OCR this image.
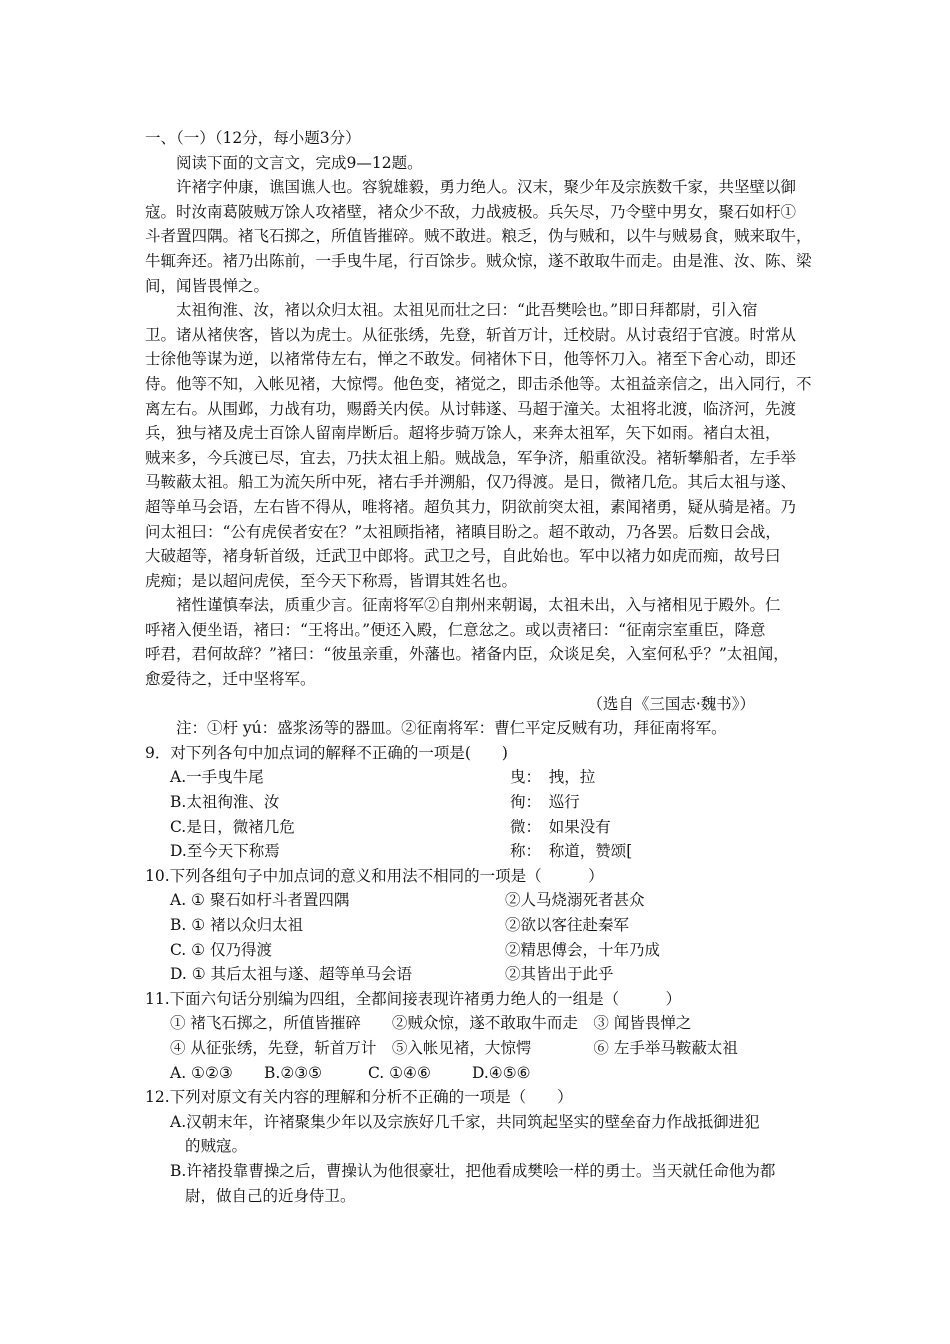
一、（一）（12分，每小题3分）
阅读下面的文言文，完成9—12题。
许褚字仲康，谯国谯人也。容貌雄毅，勇力绝人。汉末，聚少年及宗族数千家，共坚壁以御
寇。时汝南葛陂贼万馀人攻褚壁，褚众少不敌，力战疲极。兵矢尽，乃令壁中男女，聚石如杅①
斗者置四隅。褚飞石掷之，所值皆摧碎。贼不敢进。粮乏，伪与贼和，以牛与贼易食，贼来取牛，
牛辄奔还。褚乃出陈前，一手曳牛尾，行百馀步。贼众惊，遂不敢取牛而走。由是淮、汝、陈、梁
间，闻皆畏惮之。
太祖徇淮、汝，褚以众归太祖。太祖见而壮之曰：“此吾樊哙也。”即日拜都尉，引入宿
卫。诸从褚侠客，皆以为虎士。从征张绣，先登，斩首万计，迁校尉。从讨袁绍于官渡。时常从
士徐他等谋为逆，以褚常侍左右，惮之不敢发。伺褚休下日，他等怀刀入。褚至下舍心动，即还
侍。他等不知，入帐见褚，大惊愕。他色变，褚觉之，即击杀他等。太祖益亲信之，出入同行，不
离左右。从围邺，力战有功，赐爵关内侯。从讨韩遂、马超于潼关。太祖将北渡，临济河，先渡
兵，独与褚及虎士百馀人留南岸断后。超将步骑万馀人，来奔太祖军，矢下如雨。褚白太祖，
贼来多，今兵渡已尽，宜去，乃扶太祖上船。贼战急，军争济，船重欲没。褚斩攀船者，左手举
马鞍蔽太祖。船工为流矢所中死，褚右手并溯船，仅乃得渡。是日，微褚几危。其后太祖与遂、
超等单马会语，左右皆不得从，唯将褚。超负其力，阴欲前突太祖，素闻褚勇，疑从骑是褚。乃
问太祖曰：“公有虎侯者安在？”太祖顾指褚，褚瞋目盼之。超不敢动，乃各罢。后数日会战，
大破超等，褚身斩首级，迁武卫中郎将。武卫之号，自此始也。军中以褚力如虎而痴，故号曰
虎痴；是以超问虎侯，至今天下称焉，皆谓其姓名也。
褚性谨慎奉法，质重少言。征南将军②自荆州来朝谒，太祖未出，入与褚相见于殿外。仁
呼褚入便坐语，褚曰：“王将出。”便还入殿，仁意忿之。或以责褚曰：“征南宗室重臣，降意
呼君，君何故辞？”褚曰：“彼虽亲重，外藩也。褚备内臣，众谈足矣，入室何私乎？”太祖闻，
愈爱待之，迁中坚将军。
（选自《三国志·魏书》）
注：①杅 yú：盛浆汤等的器皿。②征南将军：曹仁平定反贼有功，拜征南将军。
9．对下列各句中加点词的解释不正确的一项是(　　)
A.一手曳牛尾	曳：　拽，拉
B.太祖徇淮、汝	徇：　巡行
C.是日，微褚几危	微：　如果没有
D.至今天下称焉	称：　称道，赞颂[
10.下列各组句子中加点词的意义和用法不相同的一项是（　　　）
A. ① 聚石如杅斗者置四隅	②人马烧溺死者甚众
B. ① 褚以众归太祖	②欲以客往赴秦军
C. ① 仅乃得渡	②精思傅会，十年乃成
D. ① 其后太祖与遂、超等单马会语	②其皆出于此乎
11.下面六句话分别编为四组，全都间接表现许褚勇力绝人的一组是（　　　）
① 褚飞石掷之，所值皆摧碎　　②贼众惊，遂不敢取牛而走　③ 闻皆畏惮之
④ 从征张绣，先登，斩首万计　⑤入帐见褚，大惊愕　　　　⑥ 左手举马鞍蔽太祖
A. ①②③	B.②③⑤	C. ①④⑥	D.④⑤⑥
12.下列对原文有关内容的理解和分析不正确的一项是（　　）
A.汉朝末年，许褚聚集少年以及宗族好几千家，共同筑起坚实的壁垒奋力作战抵御进犯
的贼寇。
B.许褚投靠曹操之后，曹操认为他很豪壮，把他看成樊哙一样的勇士。当天就任命他为都
尉，做自己的近身侍卫。
